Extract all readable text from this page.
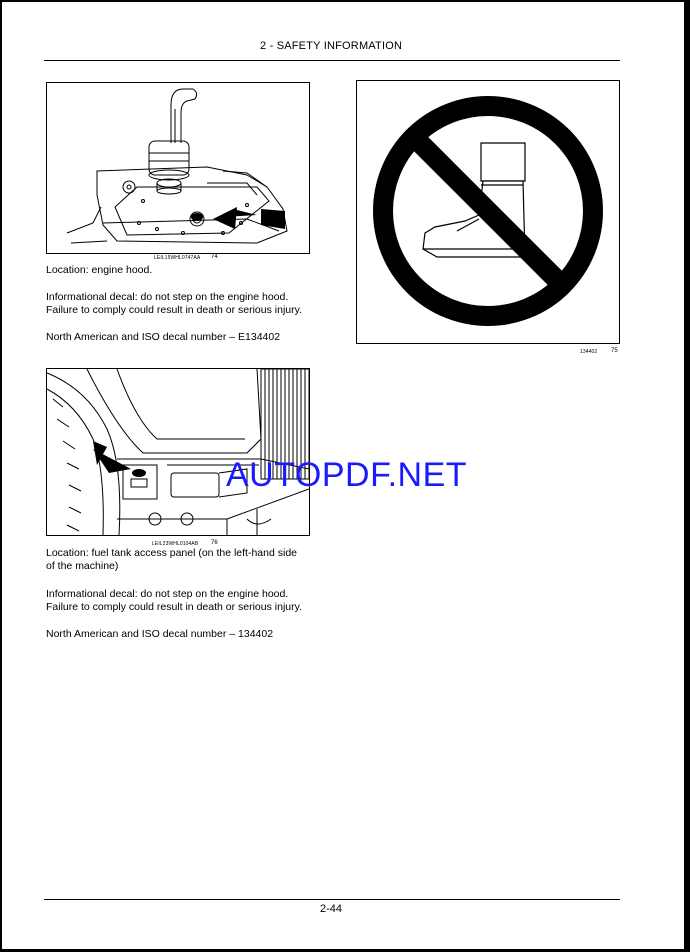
2 - SAFETY INFORMATION
LEIL15WHL0747AA 74
Location: engine hood.
Informational decal: do not step on the engine hood.
Failure to comply could result in death or serious injury.
North American and ISO decal number – E134402
134402 75
LEIL23WHL0104AB 76
Location: fuel tank access panel (on the left-hand side
of the machine)
Informational decal: do not step on the engine hood.
Failure to comply could result in death or serious injury.
North American and ISO decal number – 134402
AUTOPDF.NET
2-44
